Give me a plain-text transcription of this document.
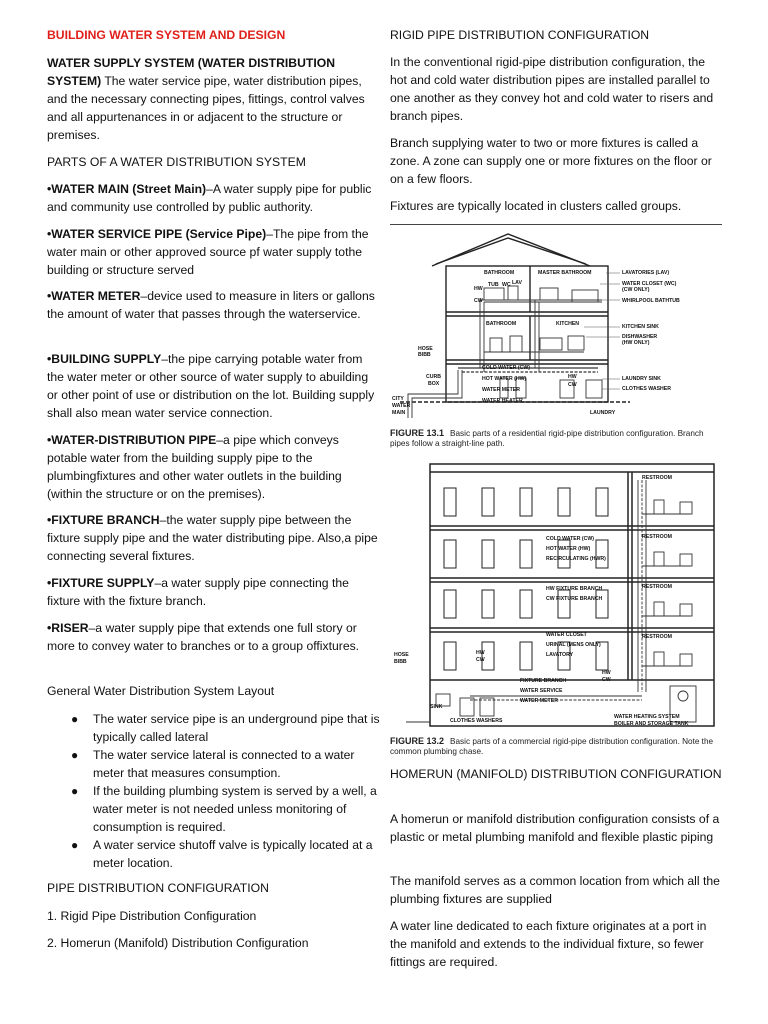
BUILDING WATER SYSTEM AND DESIGN

WATER SUPPLY SYSTEM (WATER DISTRIBUTION SYSTEM) The water service pipe, water distribution pipes, and the necessary connecting pipes, fittings, control valves and all appurtenances in or adjacent to the structure or premises.

PARTS OF A WATER DISTRIBUTION SYSTEM

•WATER MAIN (Street Main)–A water supply pipe for public and community use controlled by public authority.

•WATER SERVICE PIPE (Service Pipe)–The pipe from the water main or other approved source pf water supply tothe building or structure served

•WATER METER–device used to measure in liters or gallons the amount of water that passes through the waterservice.

•BUILDING SUPPLY–the pipe carrying potable water from the water meter or other source of water supply to abuilding or other point of use or distribution on the lot. Building supply shall also mean water service connection.

•WATER-DISTRIBUTION PIPE–a pipe which conveys potable water from the building supply pipe to the plumbingfixtures and other water outlets in the building (within the structure or on the premises).

•FIXTURE BRANCH–the water supply pipe between the fixture supply pipe and the water distributing pipe. Also,a pipe connecting several fixtures.

•FIXTURE SUPPLY–a water supply pipe connecting the fixture with the fixture branch.

•RISER–a water supply pipe that extends one full story or more to convey water to branches or to a group offixtures.

General Water Distribution System Layout

● The water service pipe is an underground pipe that is typically called lateral
● The water service lateral is connected to a water meter that measures consumption.
● If the building plumbing system is served by a well, a water meter is not needed unless monitoring of consumption is required.
● A water service shutoff valve is typically located at a meter location.

PIPE DISTRIBUTION CONFIGURATION

1. Rigid Pipe Distribution Configuration

2. Homerun (Manifold) Distribution Configuration

RIGID PIPE DISTRIBUTION CONFIGURATION

In the conventional rigid-pipe distribution configuration, the hot and cold water distribution pipes are installed parallel to one another as they convey hot and cold water to risers and branch pipes.

Branch supplying water to two or more fixtures is called a zone. A zone can supply one or more fixtures on the floor or on a few floors.

Fixtures are typically located in clusters called groups.

BATHROOM	MASTER BATHROOM	LAVATORIES (LAV)
WATER CLOSET (WC)
(CW ONLY)
WHIRLPOOL BATHTUB
HW
CW
TUB WC LAV
BATHROOM	KITCHEN	KITCHEN SINK
DISHWASHER
(HW ONLY)
HOSE
BIBB
CURB
BOX
COLD WATER (CW)
HOT WATER (HW)
WATER METER
WATER HEATER
LAUNDRY SINK
CLOTHES WASHER
LAUNDRY
CITY
WATER
MAIN
HW
CW
FIGURE 13.1 Basic parts of a residential rigid-pipe distribution configuration. Branch pipes follow a straight-line path.
RESTROOM
RESTROOM
RESTROOM
RESTROOM
COLD WATER (CW)
HOT WATER (HW)
RECIRCULATING (HWR)
HW FIXTURE BRANCH
CW FIXTURE BRANCH
WATER CLOSET
URINAL (MENS ONLY)
LAVATORY
HOSE
BIBB
HW
CW
HW
CW
SINK
FIXTURE BRANCH
WATER SERVICE
WATER METER
CLOTHES WASHERS
WATER HEATING SYSTEM
BOILER AND STORAGE TANK
FIGURE 13.2 Basic parts of a commercial rigid-pipe distribution configuration. Note the common plumbing chase.

HOMERUN (MANIFOLD) DISTRIBUTION CONFIGURATION

A homerun or manifold distribution configuration consists of a plastic or metal plumbing manifold and flexible plastic piping

The manifold serves as a common location from which all the plumbing fixtures are supplied

A water line dedicated to each fixture originates at a port in the manifold and extends to the individual fixture, so fewer fittings are required.
